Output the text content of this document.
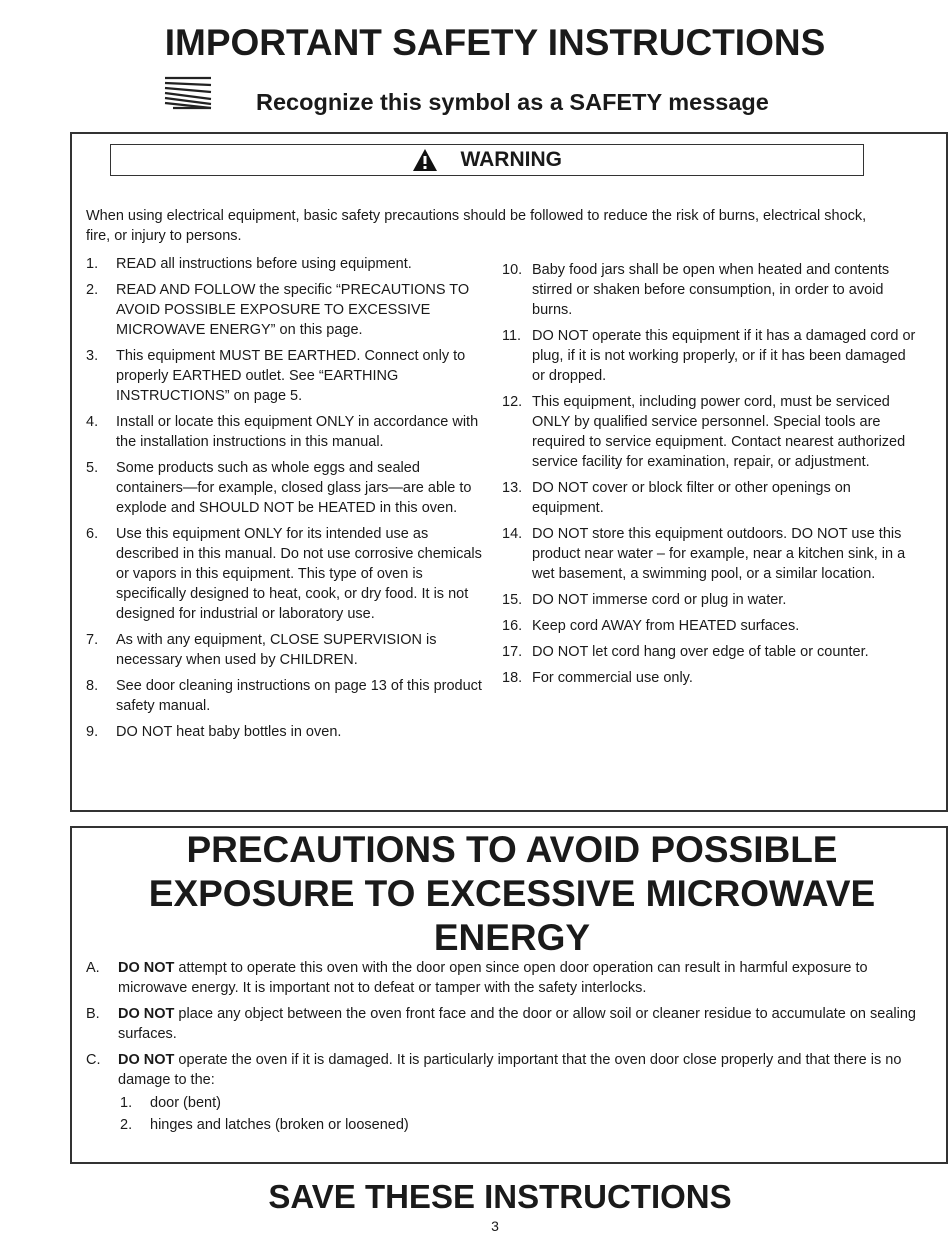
IMPORTANT SAFETY INSTRUCTIONS
Recognize this symbol as a SAFETY message
WARNING
When using electrical equipment, basic safety precautions should be followed to reduce the risk of burns, electrical shock, fire, or injury to persons.
1.	READ all instructions before using equipment.
2.	READ AND FOLLOW the specific “PRECAUTIONS TO AVOID POSSIBLE EXPOSURE TO EXCESSIVE MICROWAVE ENERGY” on this page.
3.	This equipment MUST BE EARTHED. Connect only to properly EARTHED outlet. See “EARTHING INSTRUCTIONS” on page 5.
4.	Install or locate this equipment ONLY in accordance with the installation instructions in this manual.
5.	Some products such as whole eggs and sealed containers—for example, closed glass jars—are able to explode and SHOULD NOT be HEATED in this oven.
6.	Use this equipment ONLY for its intended use as described in this manual. Do not use corrosive chemicals or vapors in this equipment. This type of oven is specifically designed to heat, cook, or dry food. It is not designed for industrial or laboratory use.
7.	As with any equipment, CLOSE SUPERVISION is necessary when used by CHILDREN.
8.	See door cleaning instructions on page 13 of this product safety manual.
9.	DO NOT heat baby bottles in oven.
10. Baby food jars shall be open when heated and contents stirred or shaken before consumption, in order to avoid burns.
11. DO NOT operate this equipment if it has a damaged cord or plug, if it is not working properly, or if it has been damaged or dropped.
12. This equipment, including power cord, must be serviced ONLY by qualified service personnel. Special tools are required to service equipment. Contact nearest authorized service facility for examination, repair, or adjustment.
13. DO NOT cover or block filter or other openings on equipment.
14. DO NOT store this equipment outdoors. DO NOT use this product near water – for example, near a kitchen sink, in a wet basement, a swimming pool, or a similar location.
15. DO NOT immerse cord or plug in water.
16. Keep cord AWAY from HEATED surfaces.
17. DO NOT let cord hang over edge of table or counter.
18. For commercial use only.
PRECAUTIONS TO AVOID POSSIBLE
EXPOSURE TO EXCESSIVE MICROWAVE
ENERGY
A. DO NOT attempt to operate this oven with the door open since open door operation can result in harmful exposure to microwave energy. It is important not to defeat or tamper with the safety interlocks.
B. DO NOT place any object between the oven front face and the door or allow soil or cleaner residue to accumulate on sealing surfaces.
C. DO NOT operate the oven if it is damaged. It is particularly important that the oven door close properly and that there is no damage to the:
1. door (bent)
2. hinges and latches (broken or loosened)
SAVE THESE INSTRUCTIONS
3
